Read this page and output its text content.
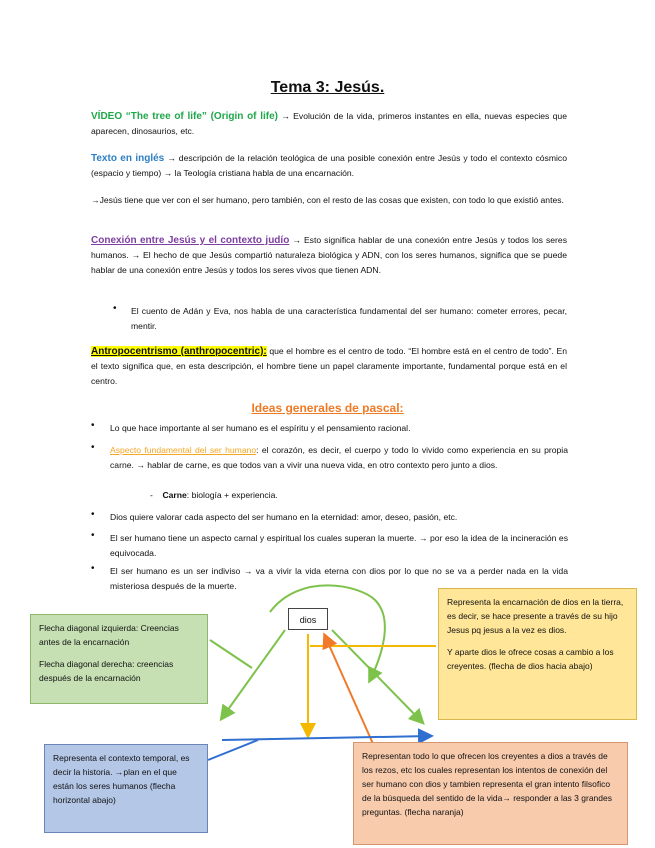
Tema 3: Jesús.
VÍDEO “The tree of life” (Origin of life) → Evolución de la vida, primeros instantes en ella, nuevas especies que aparecen, dinosaurios, etc.
Texto en inglés → descripción de la relación teológica de una posible conexión entre Jesús y todo el contexto cósmico (espacio y tiempo) → la Teología cristiana habla de una encarnación.
→Jesús tiene que ver con el ser humano, pero también, con el resto de las cosas que existen, con todo lo que existió antes.
Conexión entre Jesús y el contexto judío → Esto significa hablar de una conexión entre Jesús y todos los seres humanos. → El hecho de que Jesús compartió naturaleza biológica y ADN, con los seres humanos, significa que se puede hablar de una conexión entre Jesús y todos los seres vivos que tienen ADN.
• El cuento de Adán y Eva, nos habla de una característica fundamental del ser humano: cometer errores, pecar, mentir.
Antropocentrismo (anthropocentric): que el hombre es el centro de todo. “El hombre está en el centro de todo”. En el texto significa que, en esta descripción, el hombre tiene un papel claramente importante, fundamental porque está en el centro.
Ideas generales de pascal:
• Lo que hace importante al ser humano es el espíritu y el pensamiento racional.
• Aspecto fundamental del ser humano: el corazón, es decir, el cuerpo y todo lo vivido como experiencia en su propia carne. → hablar de carne, es que todos van a vivir una nueva vida, en otro contexto pero junto a dios.
- Carne: biología + experiencia.
• Dios quiere valorar cada aspecto del ser humano en la eternidad: amor, deseo, pasión, etc.
• El ser humano tiene un aspecto carnal y espiritual los cuales superan la muerte. → por eso la idea de la incineración es equivocada.
• El ser humano es un ser indiviso → va a vivir la vida eterna con dios por lo que no se va a perder nada en la vida misteriosa después de la muerte.
dios

Flecha diagonal izquierda: Creencias antes de la encarnación

Flecha diagonal derecha: creencias después de la encarnación

Representa la encarnación de dios en la tierra, es decir, se hace presente a través de su hijo Jesus pq jesus a la vez es dios.

Y aparte dios le ofrece cosas a cambio a los creyentes. (flecha de dios hacia abajo)

Representa el contexto temporal, es decir la historia. →plan en el que están los seres humanos (flecha horizontal abajo)
Representan todo lo que ofrecen los creyentes a dios a través de los rezos, etc los cuales representan los intentos de conexión del ser humano con dios y tambien representa el gran intento filsofico de la búsqueda del sentido de la vida→ responder a las 3 grandes preguntas. (flecha naranja)
